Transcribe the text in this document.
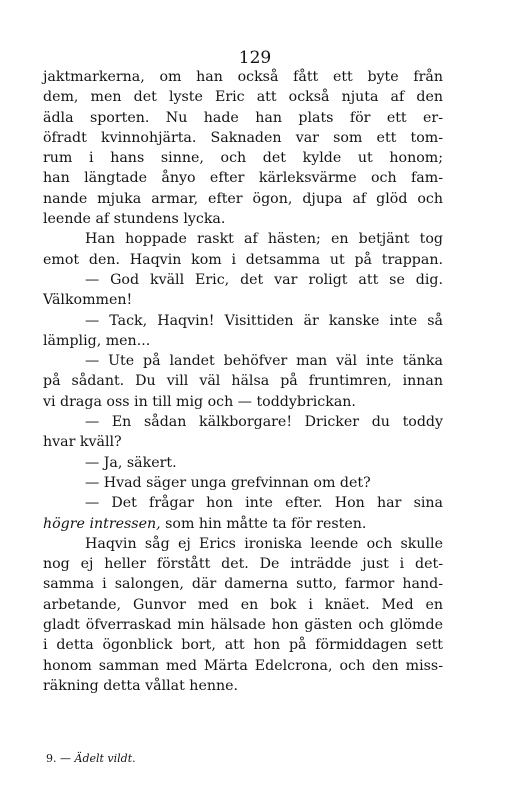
129
jaktmarkerna, om han också fått ett byte från
dem, men det lyste Eric att också njuta af den
ädla sporten. Nu hade han plats för ett er-
öfradt kvinnohjärta. Saknaden var som ett tom-
rum i hans sinne, och det kylde ut honom;
han längtade ånyo efter kärleksvärme och fam-
nande mjuka armar, efter ögon, djupa af glöd och
leende af stundens lycka.
Han hoppade raskt af hästen; en betjänt tog
emot den. Haqvin kom i detsamma ut på trappan.
— God kväll Eric, det var roligt att se dig.
Välkommen!
— Tack, Haqvin! Visittiden är kanske inte så
lämplig, men...
— Ute på landet behöfver man väl inte tänka
på sådant. Du vill väl hälsa på fruntimren, innan
vi draga oss in till mig och — toddybrickan.
— En sådan kälkborgare! Dricker du toddy
hvar kväll?
— Ja, säkert.
— Hvad säger unga grefvinnan om det?
— Det frågar hon inte efter. Hon har sina
högre intressen, som hin måtte ta för resten.
Haqvin såg ej Erics ironiska leende och skulle
nog ej heller förstått det. De inträdde just i det-
samma i salongen, där damerna sutto, farmor hand-
arbetande, Gunvor med en bok i knäet. Med en
gladt öfverraskad min hälsade hon gästen och glömde
i detta ögonblick bort, att hon på förmiddagen sett
honom samman med Märta Edelcrona, och den miss-
räkning detta vållat henne.
9. — Ädelt vildt.
